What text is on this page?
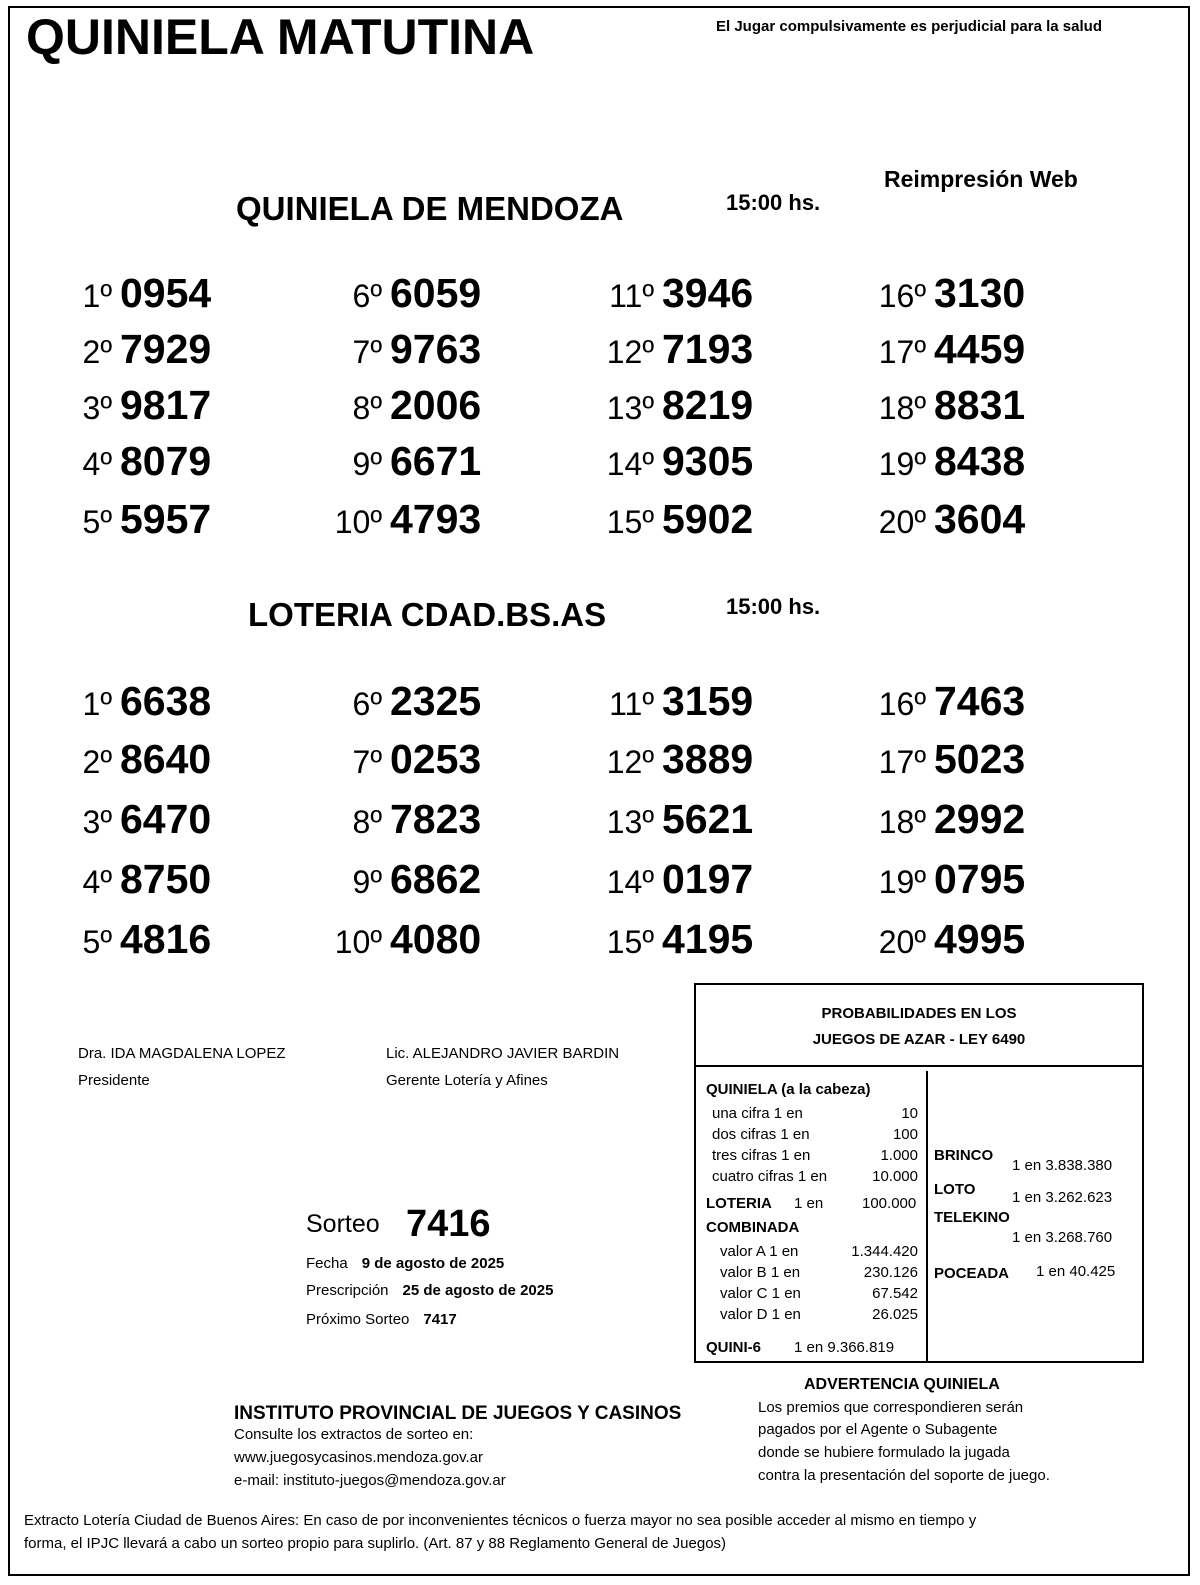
QUINIELA MATUTINA	El Jugar compulsivamente es perjudicial para la salud
Reimpresión Web
QUINIELA DE MENDOZA	15:00 hs.
1º 0954
2º 7929
3º 9817
4º 8079
5º 5957
6º 6059
7º 9763
8º 2006
9º 6671
10º 4793
11º 3946
12º 7193
13º 8219
14º 9305
15º 5902
16º 3130
17º 4459
18º 8831
19º 8438
20º 3604
LOTERIA CDAD.BS.AS	15:00 hs.
1º 6638
2º 8640
3º 6470
4º 8750
5º 4816
6º 2325
7º 0253
8º 7823
9º 6862
10º 4080
11º 3159
12º 3889
13º 5621
14º 0197
15º 4195
16º 7463
17º 5023
18º 2992
19º 0795
20º 4995
Dra. IDA MAGDALENA LOPEZ
Presidente
Lic. ALEJANDRO JAVIER BARDIN
Gerente Lotería y Afines
Sorteo 7416
Fecha 9 de agosto de 2025
Prescripción 25 de agosto de 2025
Próximo Sorteo 7417
PROBABILIDADES EN LOS
JUEGOS DE AZAR - LEY 6490
QUINIELA (a la cabeza)
una cifra 1 en	10
dos cifras 1 en	100
tres cifras 1 en	1.000
cuatro cifras 1 en	10.000
LOTERIA 1 en	100.000
COMBINADA
valor A 1 en	1.344.420
valor B 1 en	230.126
valor C 1 en	67.542
valor D 1 en	26.025
QUINI-6 1 en 9.366.819
BRINCO
1 en 3.838.380
LOTO 1 en 3.262.623
TELEKINO
1 en 3.268.760
POCEADA 1 en 40.425
INSTITUTO PROVINCIAL DE JUEGOS Y CASINOS
Consulte los extractos de sorteo en:
www.juegosycasinos.mendoza.gov.ar
e-mail: instituto-juegos@mendoza.gov.ar
ADVERTENCIA QUINIELA
Los premios que correspondieren serán
pagados por el Agente o Subagente
donde se hubiere formulado la jugada
contra la presentación del soporte de juego.
Extracto Lotería Ciudad de Buenos Aires: En caso de por inconvenientes técnicos o fuerza mayor no sea posible acceder al mismo en tiempo y
forma, el IPJC llevará a cabo un sorteo propio para suplirlo. (Art. 87 y 88 Reglamento General de Juegos)
